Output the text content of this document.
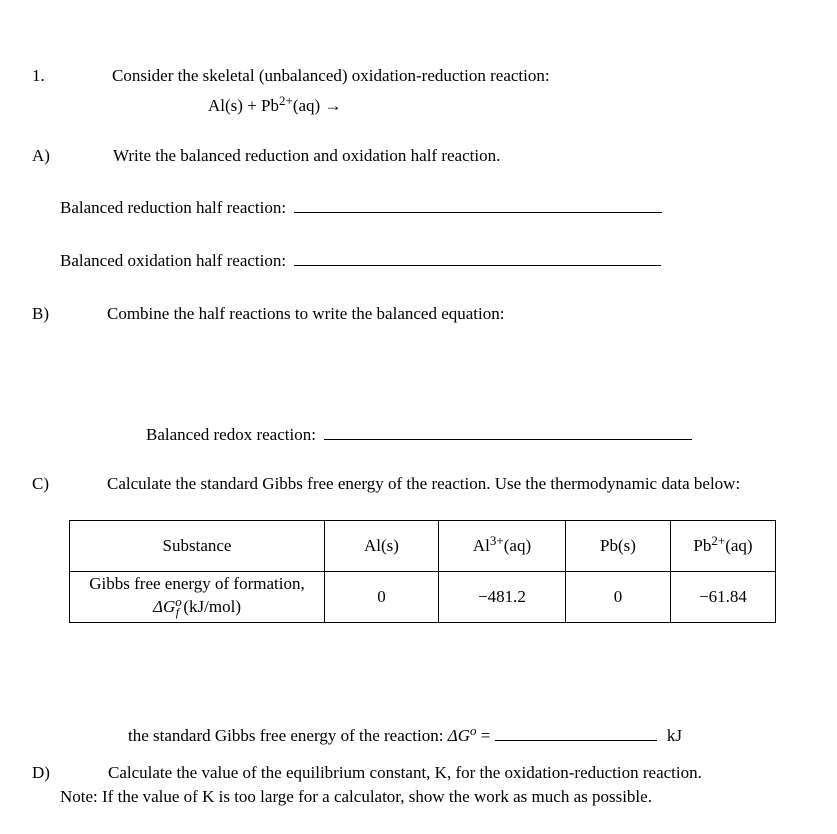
1.	Consider the skeletal (unbalanced) oxidation-reduction reaction:
$Al(s) + Pb^{2+}(aq)$ →
A)	Write the balanced reduction and oxidation half reaction.
Balanced reduction half reaction:
Balanced oxidation half reaction:
B)	Combine the half reactions to write the balanced equation:
Balanced redox reaction:
C)	Calculate the standard Gibbs free energy of the reaction. Use the thermodynamic data below:
Substance	Al(s)	$Al^{3+}(aq)$	Pb(s)	$Pb^{2+}(aq)$

Gibbs free energy of formation,
$\Delta G^o_f$ (kJ/mol)	0	−481.2	0	−61.84
the standard Gibbs free energy of the reaction: $\Delta G^o$ =	kJ
D)	Calculate the value of the equilibrium constant, K, for the oxidation-reduction reaction.
Note: If the value of K is too large for a calculator, show the work as much as possible.
